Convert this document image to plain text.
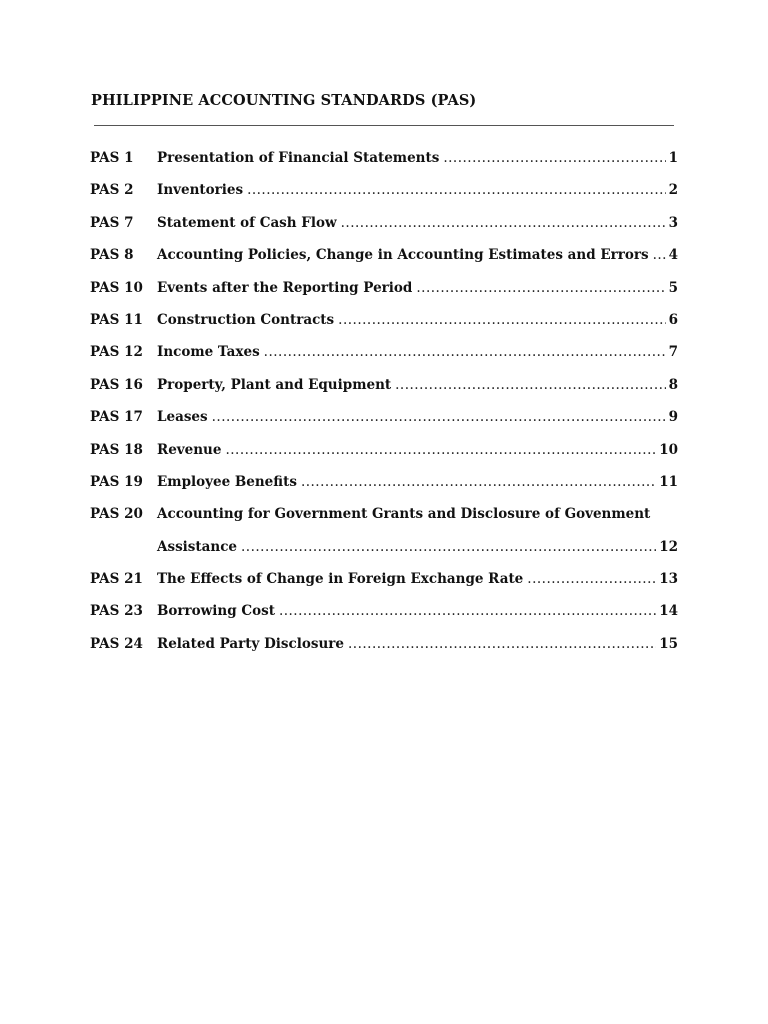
PHILIPPINE ACCOUNTING STANDARDS (PAS)
PAS 1	Presentation of Financial Statements .....	1
PAS 2	Inventories .....	2
PAS 7	Statement of Cash Flow .....	3
PAS 8	Accounting Policies, Change in Accounting Estimates and Errors ..... 4
PAS 10	Events after the Reporting Period .....	5
PAS 11	Construction Contracts .....	6
PAS 12	Income Taxes .....	7
PAS 16	Property, Plant and Equipment .....	8
PAS 17	Leases .....	9
PAS 18	Revenue .....	10
PAS 19	Employee Benefits .....	11
PAS 20	Accounting for Government Grants and Disclosure of Govenment
Assistance .....	12
PAS 21	The Effects of Change in Foreign Exchange Rate .....	13
PAS 23	Borrowing Cost .....	14
PAS 24	Related Party Disclosure .....	15
